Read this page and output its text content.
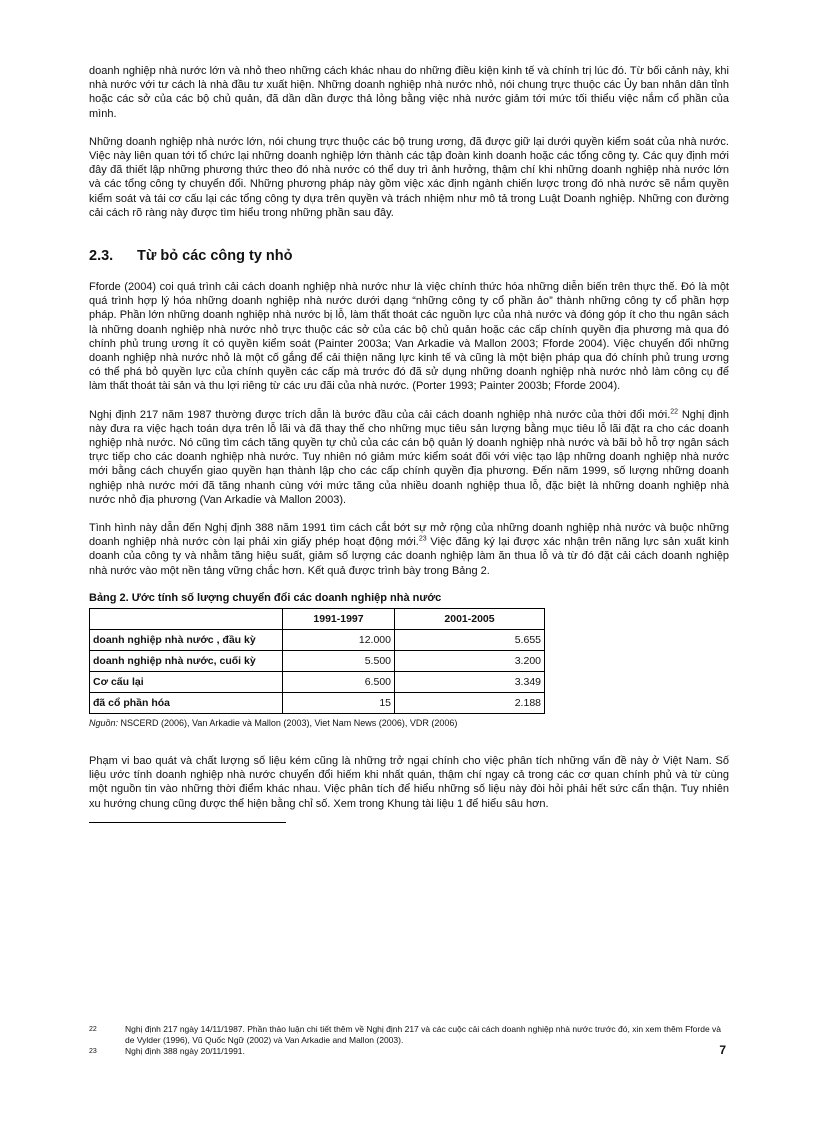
doanh nghiệp nhà nước lớn và nhỏ theo những cách khác nhau do những điều kiện kinh tế và chính trị lúc đó. Từ bối cảnh này, khi nhà nước với tư cách là nhà đầu tư xuất hiện. Những doanh nghiệp nhà nước nhỏ, nói chung trực thuộc các Ủy ban nhân dân tỉnh hoặc các sở của các bộ chủ quản, đã dần dần được thả lỏng bằng việc nhà nước giảm tới mức tối thiểu việc nắm cổ phần của mình.

Những doanh nghiệp nhà nước lớn, nói chung trực thuộc các bộ trung ương, đã được giữ lại dưới quyền kiểm soát của nhà nước. Việc này liên quan tới tổ chức lại những doanh nghiệp lớn thành các tập đoàn kinh doanh hoặc các tổng công ty. Các quy định mới đây đã thiết lập những phương thức theo đó nhà nước có thể duy trì ảnh hưởng, thậm chí khi những doanh nghiệp nhà nước lớn và các tổng công ty chuyển đổi. Những phương pháp này gồm việc xác định ngành chiến lược trong đó nhà nước sẽ nắm quyền kiểm soát và tái cơ cấu lại các tổng công ty dựa trên quyền và trách nhiệm như mô tả trong Luật Doanh nghiệp. Những con đường cải cách rõ ràng này được tìm hiểu trong những phần sau đây.

2.3.	Từ bỏ các công ty nhỏ

Fforde (2004) coi quá trình cải cách doanh nghiệp nhà nước như là việc chính thức hóa những diễn biến trên thực thế. Đó là một quá trình hợp lý hóa những doanh nghiệp nhà nước dưới dạng “những công ty cổ phần ảo” thành những công ty cổ phần hợp pháp. Phần lớn những doanh nghiệp nhà nước bị lỗ, làm thất thoát các nguồn lực của nhà nước và đóng góp ít cho thu ngân sách là những doanh nghiệp nhà nước nhỏ trực thuộc các sở của các bộ chủ quản hoặc các cấp chính quyền địa phương mà qua đó chính phủ trung ương ít có quyền kiểm soát (Painter 2003a; Van Arkadie và Mallon 2003; Fforde 2004). Việc chuyển đổi những doanh nghiệp nhà nước nhỏ là một cố gắng để cải thiện năng lực kinh tế và cũng là một biện pháp qua đó chính phủ trung ương có thể phá bỏ quyền lực của chính quyền các cấp mà trước đó đã sử dụng những doanh nghiệp nhà nước nhỏ làm công cụ để làm thất thoát tài sản và thu lợi riêng từ các ưu đãi của nhà nước. (Porter 1993; Painter 2003b; Fforde 2004).

Nghị định 217 năm 1987 thường được trích dẫn là bước đầu của cải cách doanh nghiệp nhà nước của thời đổi mới.$^{22}$ Nghị định này đưa ra việc hạch toán dựa trên lỗ lãi và đã thay thế cho những mục tiêu sản lượng bằng mục tiêu lỗ lãi đặt ra cho các doanh nghiệp nhà nước. Nó cũng tìm cách tăng quyền tự chủ của các cán bộ quản lý doanh nghiệp nhà nước và bãi bỏ hỗ trợ ngân sách trực tiếp cho các doanh nghiệp nhà nước. Tuy nhiên nó giảm mức kiểm soát đối với việc tạo lập những doanh nghiệp nhà nước mới bằng cách chuyển giao quyền hạn thành lập cho các cấp chính quyền địa phương. Đến năm 1999, số lượng những doanh nghiệp nhà nước mới đã tăng nhanh cùng với mức tăng của nhiều doanh nghiệp thua lỗ, đặc biệt là những doanh nghiệp nhà nước nhỏ địa phương (Van Arkadie và Mallon 2003).

Tình hình này dẫn đến Nghị định 388 năm 1991 tìm cách cắt bớt sự mở rộng của những doanh nghiệp nhà nước và buộc những doanh nghiệp nhà nước còn lại phải xin giấy phép hoạt động mới.$^{23}$ Việc đăng ký lại được xác nhận trên năng lực sản xuất kinh doanh của công ty và nhằm tăng hiệu suất, giảm số lượng các doanh nghiệp làm ăn thua lỗ và từ đó đặt cải cách doanh nghiệp nhà nước vào một nền tảng vững chắc hơn. Kết quả được trình bày trong Bảng 2.

Bảng 2. Ước tính số lượng chuyển đổi các doanh nghiệp nhà nước

	1991-1997	2001-2005
doanh nghiệp nhà nước , đầu kỳ	12.000	5.655
doanh nghiệp nhà nước, cuối kỳ	5.500	3.200
Cơ cấu lại	6.500	3.349
đã cổ phần hóa	15	2.188

Nguồn: NSCERD (2006), Van Arkadie và Mallon (2003), Viet Nam News (2006), VDR (2006)

Phạm vi bao quát và chất lượng số liệu kém cũng là những trở ngại chính cho việc phân tích những vấn đề này ở Việt Nam. Số liệu ước tính doanh nghiệp nhà nước chuyển đổi hiếm khi nhất quán, thậm chí ngay cả trong các cơ quan chính phủ và từ cùng một nguồn tin vào những thời điểm khác nhau. Việc phân tích để hiểu những số liệu này đòi hỏi phải hết sức cẩn thận. Tuy nhiên xu hướng chung cũng được thể hiện bằng chỉ số. Xem trong Khung tài liệu 1 để hiểu sâu hơn.

22	Nghị định 217 ngày 14/11/1987. Phần thảo luận chi tiết thêm về Nghị định 217 và các cuộc cải cách doanh nghiệp nhà nước trước đó, xin xem thêm Fforde và de Vylder (1996), Vũ Quốc Ngữ (2002) và Van Arkadie and Mallon (2003).
23	Nghị định 388 ngày 20/11/1991.	7
